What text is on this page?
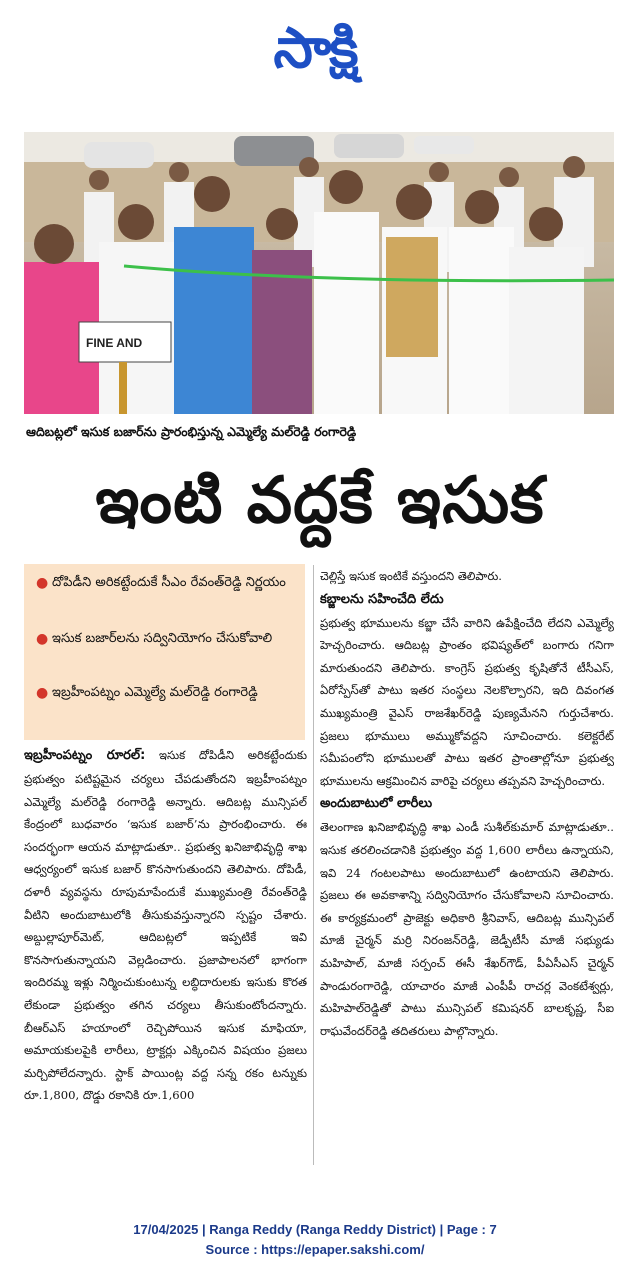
సాక్షి
FINE AND
ఆదిబట్లలో ఇసుక బజార్‌ను ప్రారంభిస్తున్న ఎమ్మెల్యే మల్‌రెడ్డి రంగారెడ్డి
ఇంటి వద్దకే ఇసుక
● దోపిడీని అరికట్టేందుకే సీఎం రేవంత్‌రెడ్డి నిర్ణయం
● ఇసుక బజార్‌లను సద్వినియోగం చేసుకోవాలి
● ఇబ్రహీంపట్నం ఎమ్మెల్యే మల్‌రెడ్డి రంగారెడ్డి
ఇబ్రహీంపట్నం రూరల్‌: ఇసుక దోపిడీని అరికట్టేందుకు ప్రభుత్వం పటిష్టమైన చర్యలు చేపడుతోందని ఇబ్రహీంపట్నం ఎమ్మెల్యే మల్‌రెడ్డి రంగారెడ్డి అన్నారు. ఆదిబట్ల మున్సిపల్‌ కేంద్రంలో బుధవారం ‘ఇసుక బజార్‌’ను ప్రారంభించారు. ఈ సందర్భంగా ఆయన మాట్లాడుతూ.. ప్రభుత్వ ఖనిజాభివృద్ధి శాఖ ఆధ్వర్యంలో ఇసుక బజార్‌ కొనసాగుతుందని తెలిపారు. దోపిడీ, దళారీ వ్యవస్థను రూపుమాపేందుకే ముఖ్యమంత్రి రేవంత్‌రెడ్డి వీటిని అందుబాటులోకి తీసుకువస్తున్నారని స్పష్టం చేశారు. అబ్దుల్లాపూర్‌మెట్‌, ఆదిబట్లలో ఇప్పటికే ఇవి కొనసాగుతున్నాయని వెల్లడించారు. ప్రజాపాలనలో భాగంగా ఇందిరమ్మ ఇళ్లు నిర్మించుకుంటున్న లబ్ధిదారులకు ఇసుకు కొరత లేకుండా ప్రభుత్వం తగిన చర్యలు తీసుకుంటోందన్నారు. బీఆర్‌ఎస్‌ హయాంలో రెచ్చిపోయిన ఇసుక మాఫియా, అమాయకులపైకి లారీలు, ట్రాక్టర్లు ఎక్కించిన విషయం ప్రజలు మర్చిపోలేదన్నారు. స్టాక్‌ పాయింట్ల వద్ద సన్న రకం టన్నుకు రూ.1,800, దొడ్డు రకానికి రూ.1,600
చెల్లిస్తే ఇసుక ఇంటికే వస్తుందని తెలిపారు.
కబ్జాలను సహించేది లేదు
ప్రభుత్వ భూములను కబ్జా చేసే వారిని ఉపేక్షించేది లేదని ఎమ్మెల్యే హెచ్చరించారు. ఆదిబట్ల ప్రాంతం భవిష్యత్‌లో బంగారు గనిగా మారుతుందని తెలిపారు. కాంగ్రెస్‌ ప్రభుత్వ కృషితోనే టీసీఎస్‌, ఏరోస్పేస్‌తో పాటు ఇతర సంస్థలు నెలకొల్పారని, ఇది దివంగత ముఖ్యమంత్రి వైఎస్‌ రాజశేఖర్‌రెడ్డి పుణ్యమేనని గుర్తుచేశారు. ప్రజలు భూములు అమ్ముకోవద్దని సూచించారు. కలెక్టరేట్‌ సమీపంలోని భూములతో పాటు ఇతర ప్రాంతాల్లోనూ ప్రభుత్వ భూములను ఆక్రమించిన వారిపై చర్యలు తప్పవని హెచ్చరించారు.
అందుబాటులో లారీలు
తెలంగాణ ఖనిజాభివృద్ధి శాఖ ఎండీ సుశీల్‌కుమార్‌ మాట్లాడుతూ.. ఇసుక తరలించడానికి ప్రభుత్వం వద్ద 1,600 లారీలు ఉన్నాయని, ఇవి 24 గంటలపాటు అందుబాటులో ఉంటాయని తెలిపారు. ప్రజలు ఈ అవకాశాన్ని సద్వినియోగం చేసుకోవాలని సూచించారు. ఈ కార్యక్రమంలో ప్రాజెక్టు అధికారి శ్రీనివాస్‌, ఆదిబట్ల మున్సిపల్‌ మాజీ చైర్మన్‌ మర్రి నిరంజన్‌రెడ్డి, జెడ్పీటీసీ మాజీ సభ్యుడు మహిపాల్‌, మాజీ సర్పంచ్‌ ఈసీ శేఖర్‌గౌడ్‌, పీఏసీఎస్‌ చైర్మన్‌ పాండురంగారెడ్డి, యాచారం మాజీ ఎంపీపీ రాచర్ల వెంకటేశ్వర్లు, మహిపాల్‌రెడ్డితో పాటు మున్సిపల్‌ కమిషనర్‌ బాలకృష్ణ, సీఐ రాఘవేందర్‌రెడ్డి తదితరులు పాల్గొన్నారు.
17/04/2025 | Ranga Reddy (Ranga Reddy District) | Page : 7
Source : https://epaper.sakshi.com/
